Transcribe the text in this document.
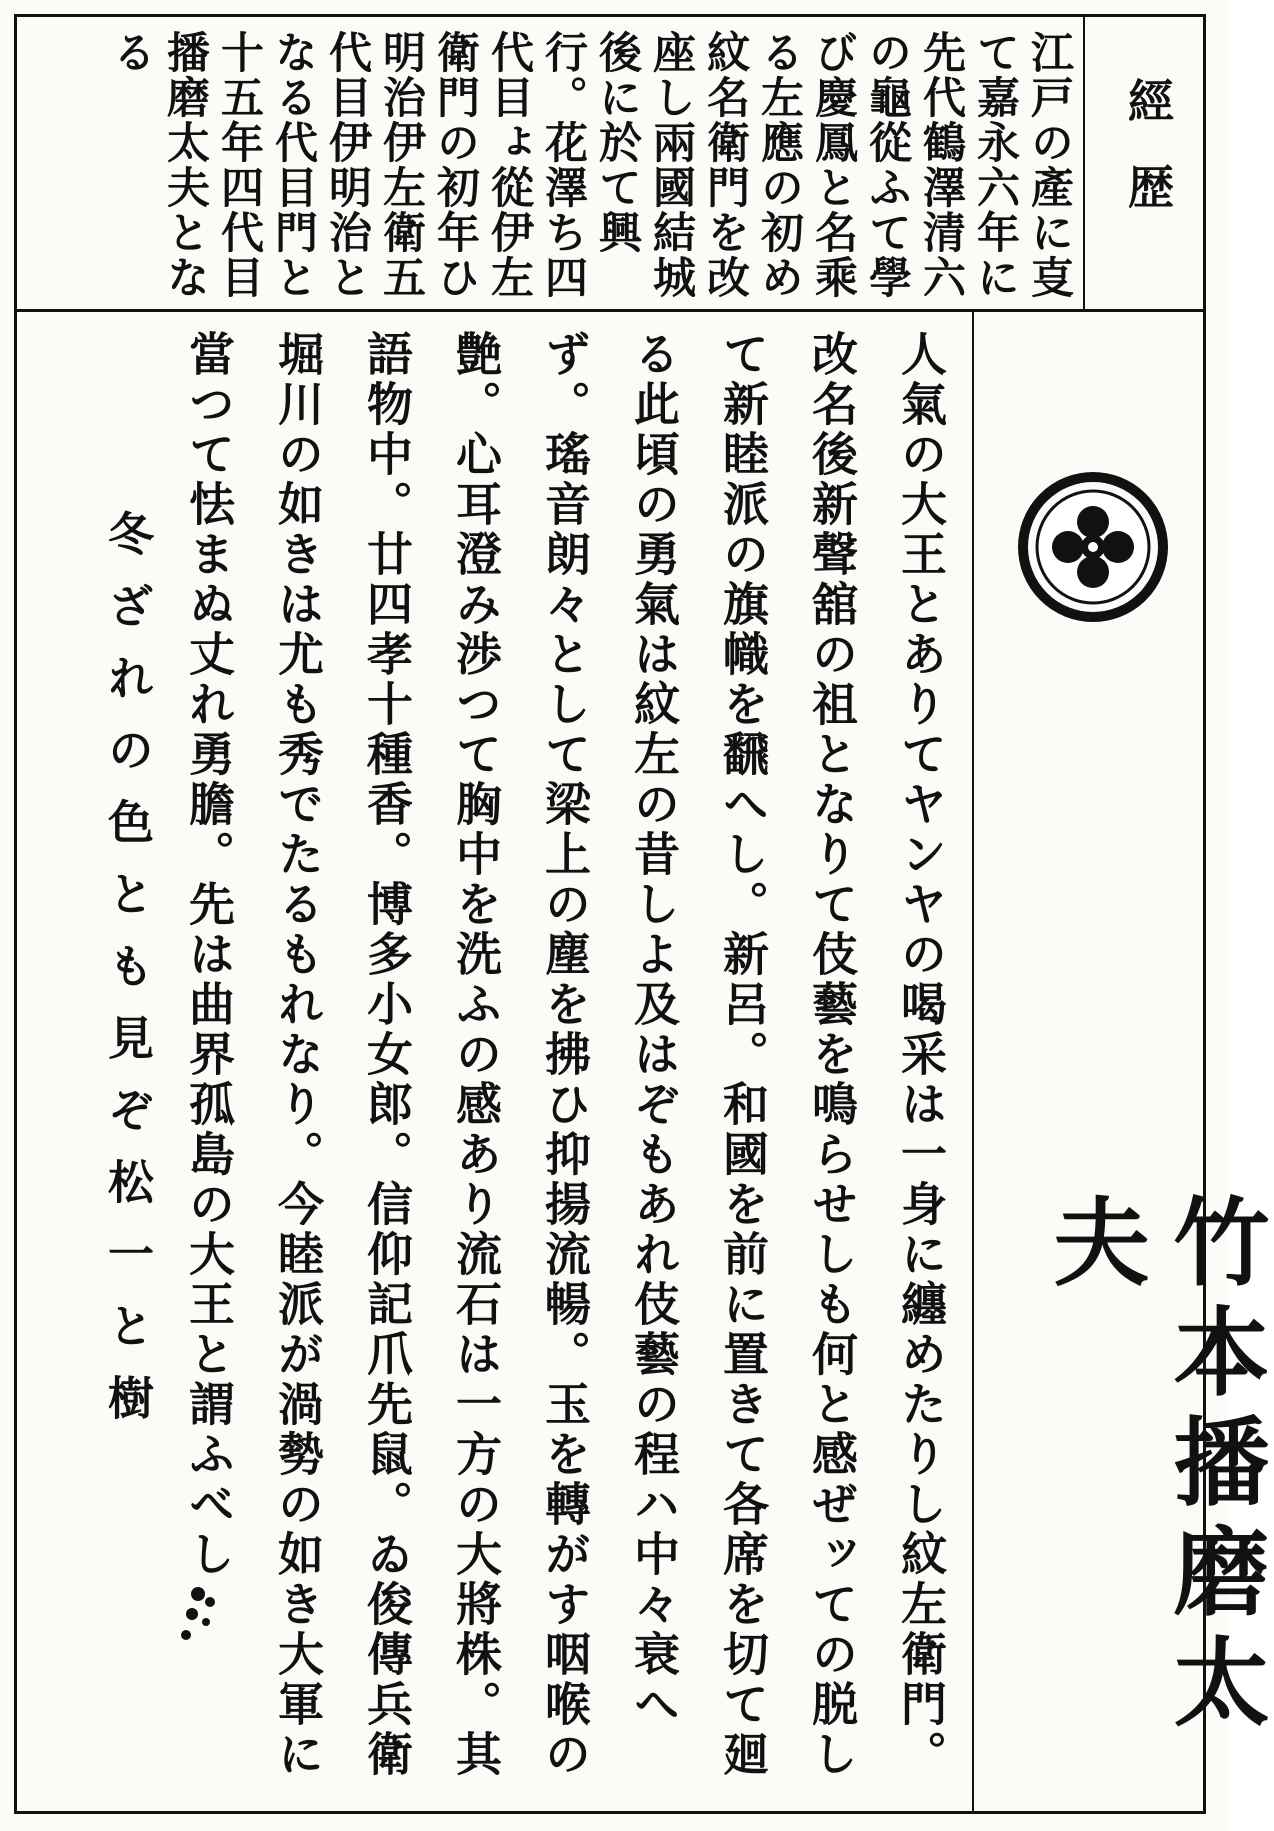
經歴
江戸の產に㕝て嘉永六年に先代鶴澤清六の龜從ふて學び慶鳳と名乘る左應の初め紋名衛門を改座し兩國結城後に於て興行。花澤ち四代目ょ從伊左衛門の初年ひ明治伊左衛五代目伊明治となる代目門と十五年四代目播磨太夫となる
竹本播磨太夫
人氣の大王とありてヤンヤの喝采は一身に纏めたりし紋左衛門。改名後新聲舘の祖となりて伎藝を鳴らせしも何と感ぜッての脱して新睦派の旗幟を飜へし。新呂。和國を前に置きて各席を切て廻る此頃の勇氣は紋左の昔しよ及はぞもあれ伎藝の程ハ中々衰へず。瑤音朗々として梁上の塵を拂ひ抑揚流暢。玉を轉がす咽喉の艶。心耳澄み渉つて胸中を洗ふの感あり流石は一方の大將株。其語物中。廿四孝十種香。博多小女郎。信仰記爪先鼠。ゐ俊傳兵衛堀川の如きは尤も秀でたるもれなり。今睦派が渦勢の如き大軍に當つて怯まぬ丈れ勇膽。先は曲界孤島の大王と謂ふべし
冬ざれの色とも見ぞ松一と樹
